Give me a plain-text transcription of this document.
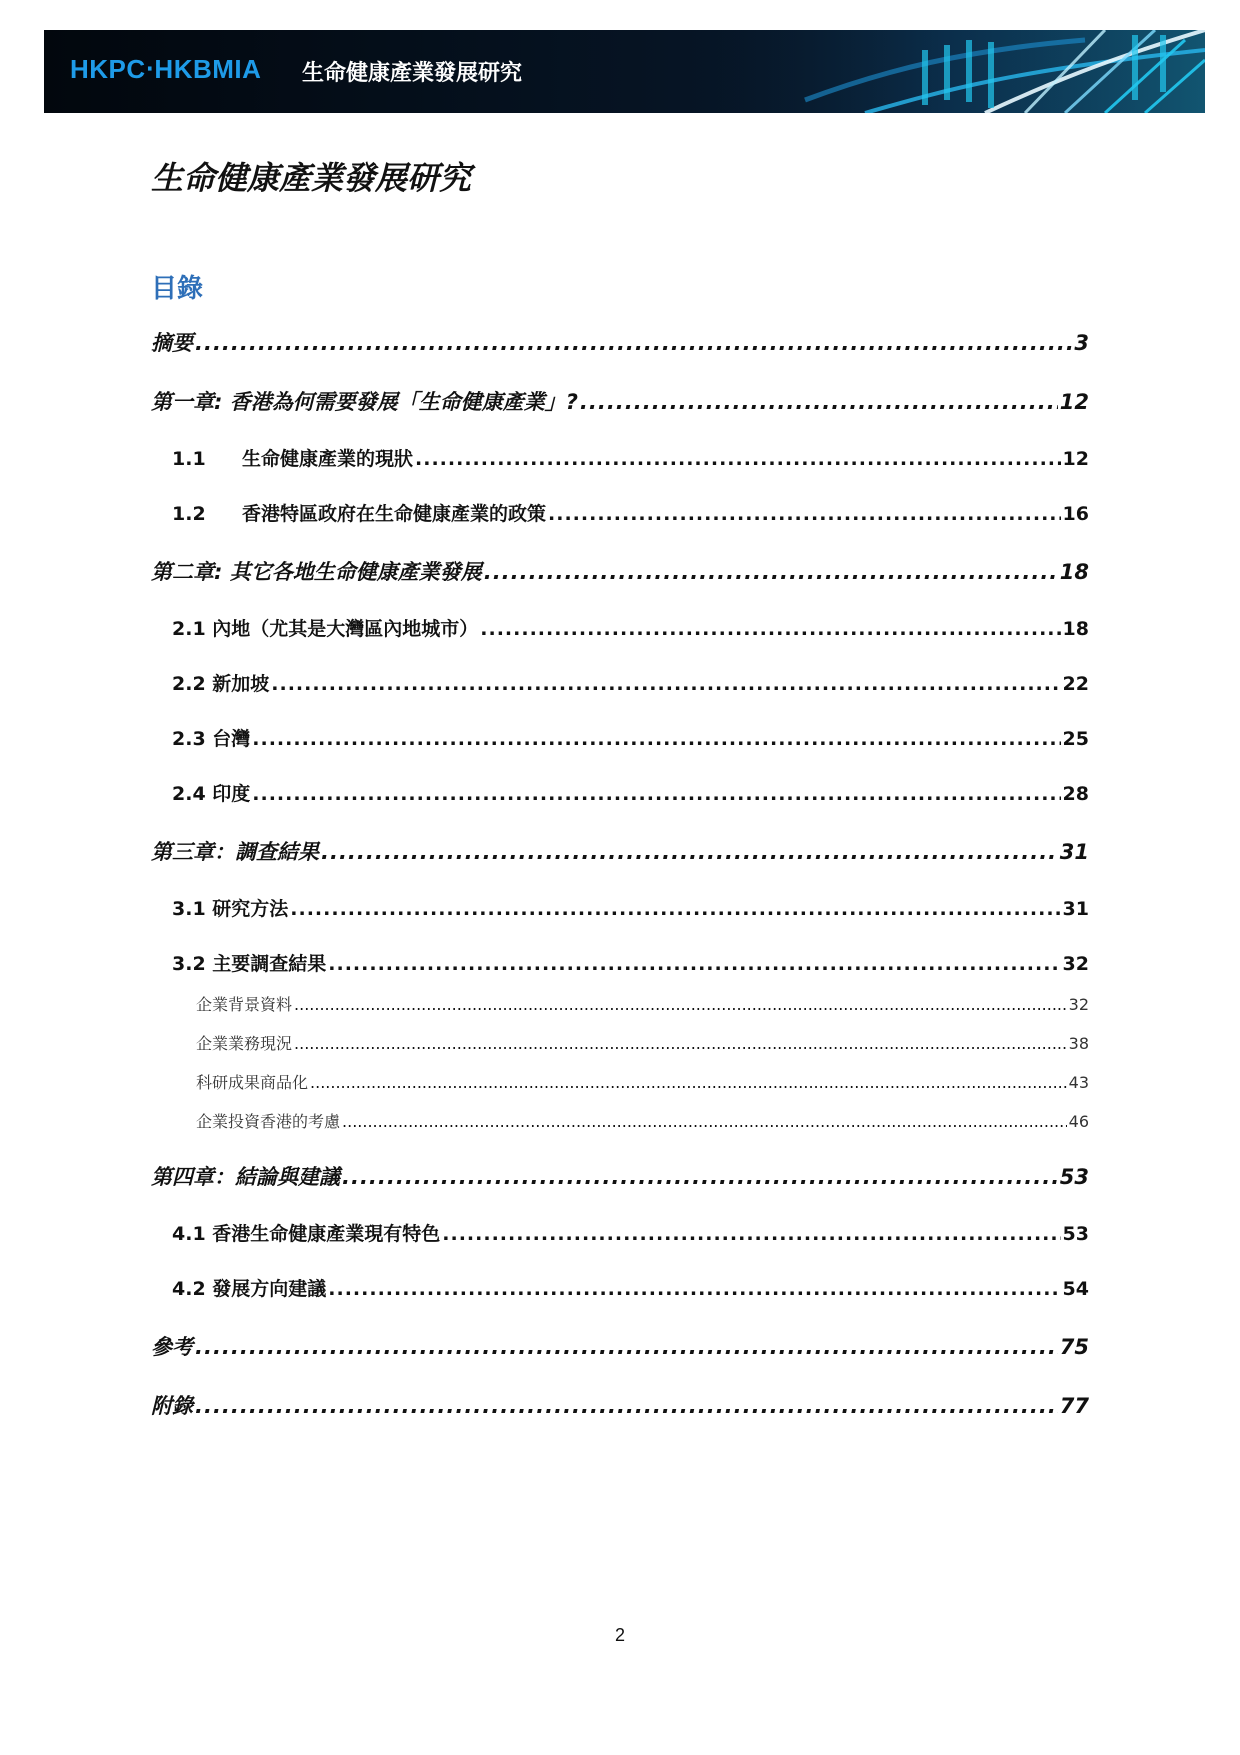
HKPC‧HKBMIA 生命健康產業發展研究
生命健康產業發展研究
目錄
摘要 .....	3
第一章: 香港為何需要發展「生命健康產業」? .....	12
1.1	生命健康產業的現狀 .....	12
1.2	香港特區政府在生命健康產業的政策 .....	16
第二章: 其它各地生命健康產業發展 .....	18
2.1 內地（尤其是大灣區內地城市） .....	18
2.2 新加坡 .....	22
2.3 台灣 .....	25
2.4 印度 .....	28
第三章：調查結果 .....	31
3.1 研究方法 .....	31
3.2 主要調查結果 .....	32
企業背景資料 .....	32
企業業務現況 .....	38
科研成果商品化 .....	43
企業投資香港的考慮 .....	46
第四章：結論與建議 .....	53
4.1 香港生命健康產業現有特色 .....	53
4.2 發展方向建議 .....	54
參考 .....	75
附錄 .....	77
2
